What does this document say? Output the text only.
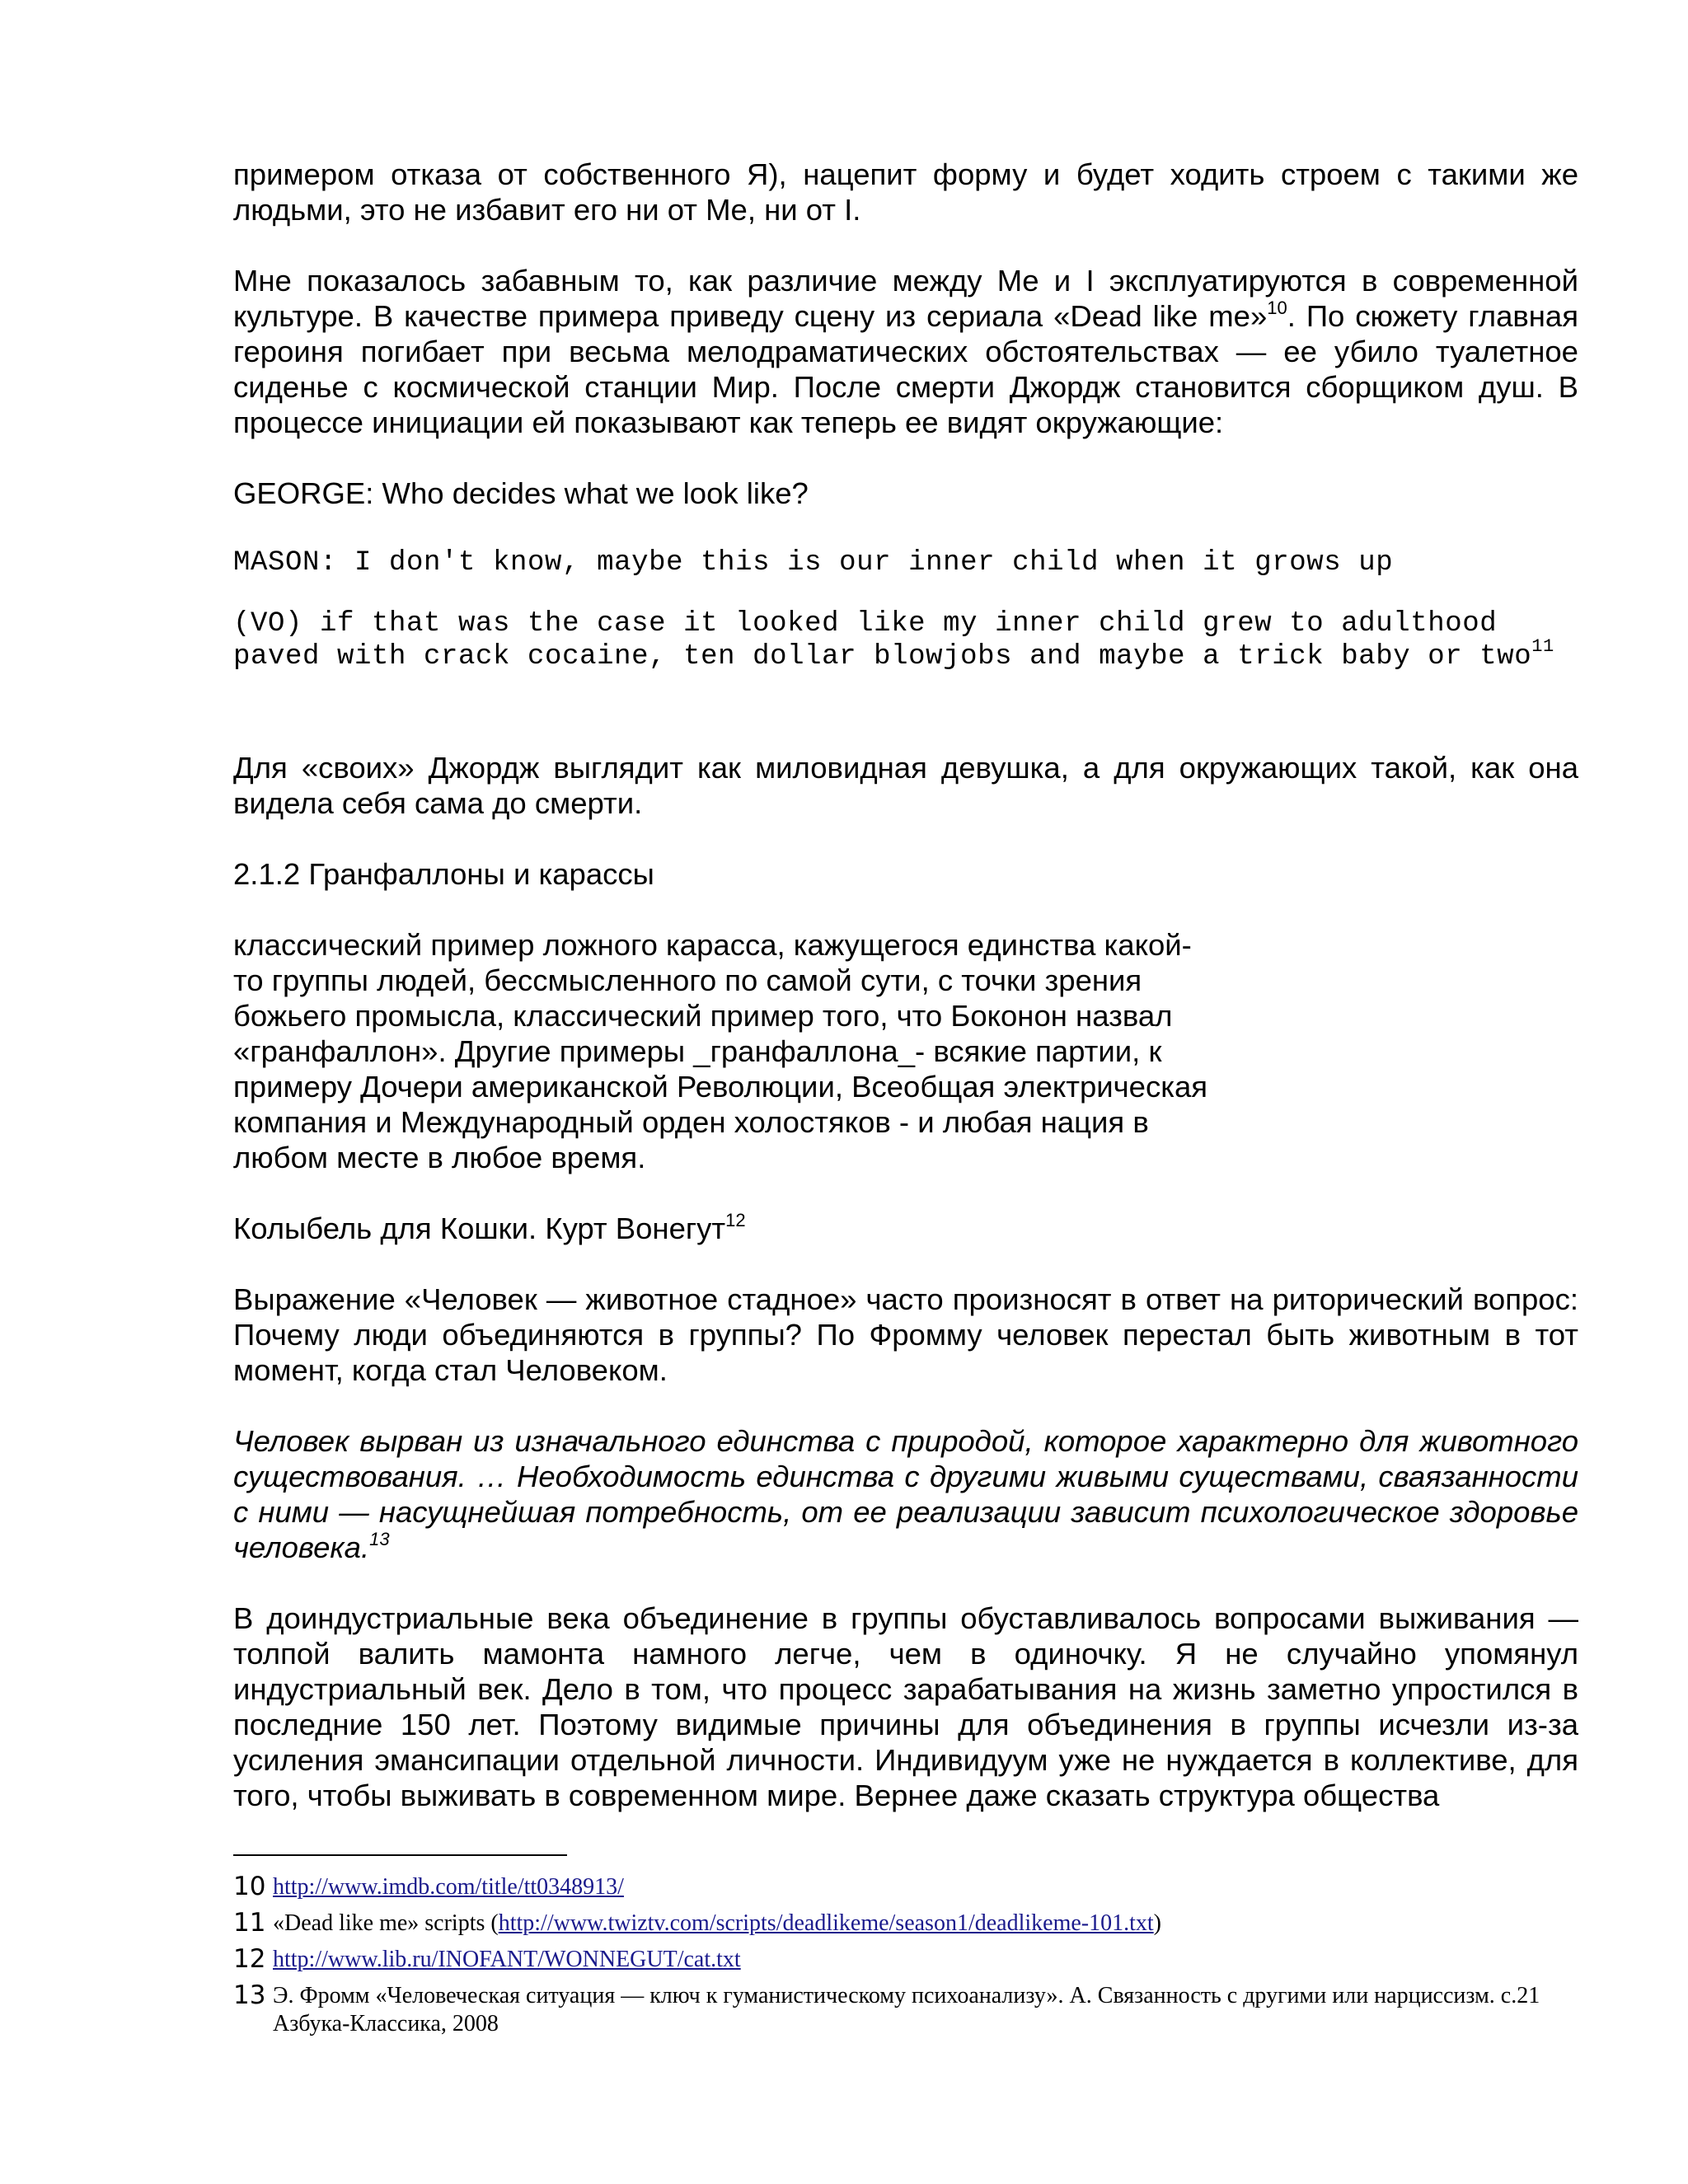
примером отказа от собственного Я), нацепит форму и будет ходить строем с такими же людьми, это не избавит его ни от Me, ни от I.

Мне показалось забавным то, как различие между Me и I эксплуатируются в современной культуре. В качестве примера приведу сцену из сериала «Dead like me»$^{10}$. По сюжету главная героиня погибает при весьма мелодраматических обстоятельствах — ее убило туалетное сиденье с космической станции Мир. После смерти Джордж становится сборщиком душ. В процессе инициации ей показывают как теперь ее видят окружающие:

GEORGE: Who decides what we look like?

MASON: I don't know, maybe this is our inner child when it grows up

(VO) if that was the case it looked like my inner child grew to adulthood

paved with crack cocaine, ten dollar blowjobs and maybe a trick baby or two$^{11}$

Для «своих» Джордж выглядит как миловидная девушка, а для окружающих такой, как она видела себя сама до смерти.

2.1.2 Гранфаллоны и карассы

классический пример ложного карасса, кажущегося единства какой-

то группы людей, бессмысленного по самой сути, с точки зрения

божьего промысла, классический пример того, что Боконон назвал

«гранфаллон». Другие примеры _гранфаллона_- всякие партии, к

примеру Дочери американской Революции, Всеобщая электрическая

компания и Международный орден холостяков - и любая нация в

любом месте в любое время.

Колыбель для Кошки. Курт Вонегут$^{12}$

Выражение «Человек — животное стадное» часто произносят в ответ на риторический вопрос: Почему люди объединяются в группы? По Фромму человек перестал быть животным в тот момент, когда стал Человеком.

Человек вырван из изначального единства с природой, которое характерно для животного существования. … Необходимость единства с другими живыми существами, сваязанности с ними — насущнейшая потребность, от ее реализации зависит психологическое здоровье человека.$^{13}$

В доиндустриальные века объединение в группы обуставливалось вопросами выживания — толпой валить мамонта намного легче, чем в одиночку. Я не случайно упомянул индустриальный век. Дело в том, что процесс зарабатывания на жизнь заметно упростился в последние 150 лет. Поэтому видимые причины для объединения в группы исчезли из-за усиления эмансипации отдельной личности. Индивидуум уже не нуждается в коллективе, для того, чтобы выживать в современном мире. Вернее даже сказать структура общества

10 http://www.imdb.com/title/tt0348913/
11 «Dead like me» scripts (http://www.twiztv.com/scripts/deadlikeme/season1/deadlikeme-101.txt)
12 http://www.lib.ru/INOFANT/WONNEGUT/cat.txt
13 Э. Фромм «Человеческая ситуация — ключ к гуманистическому психоанализу». А. Связанность с другими или нарциссизм. с.21 Азбука-Классика, 2008
